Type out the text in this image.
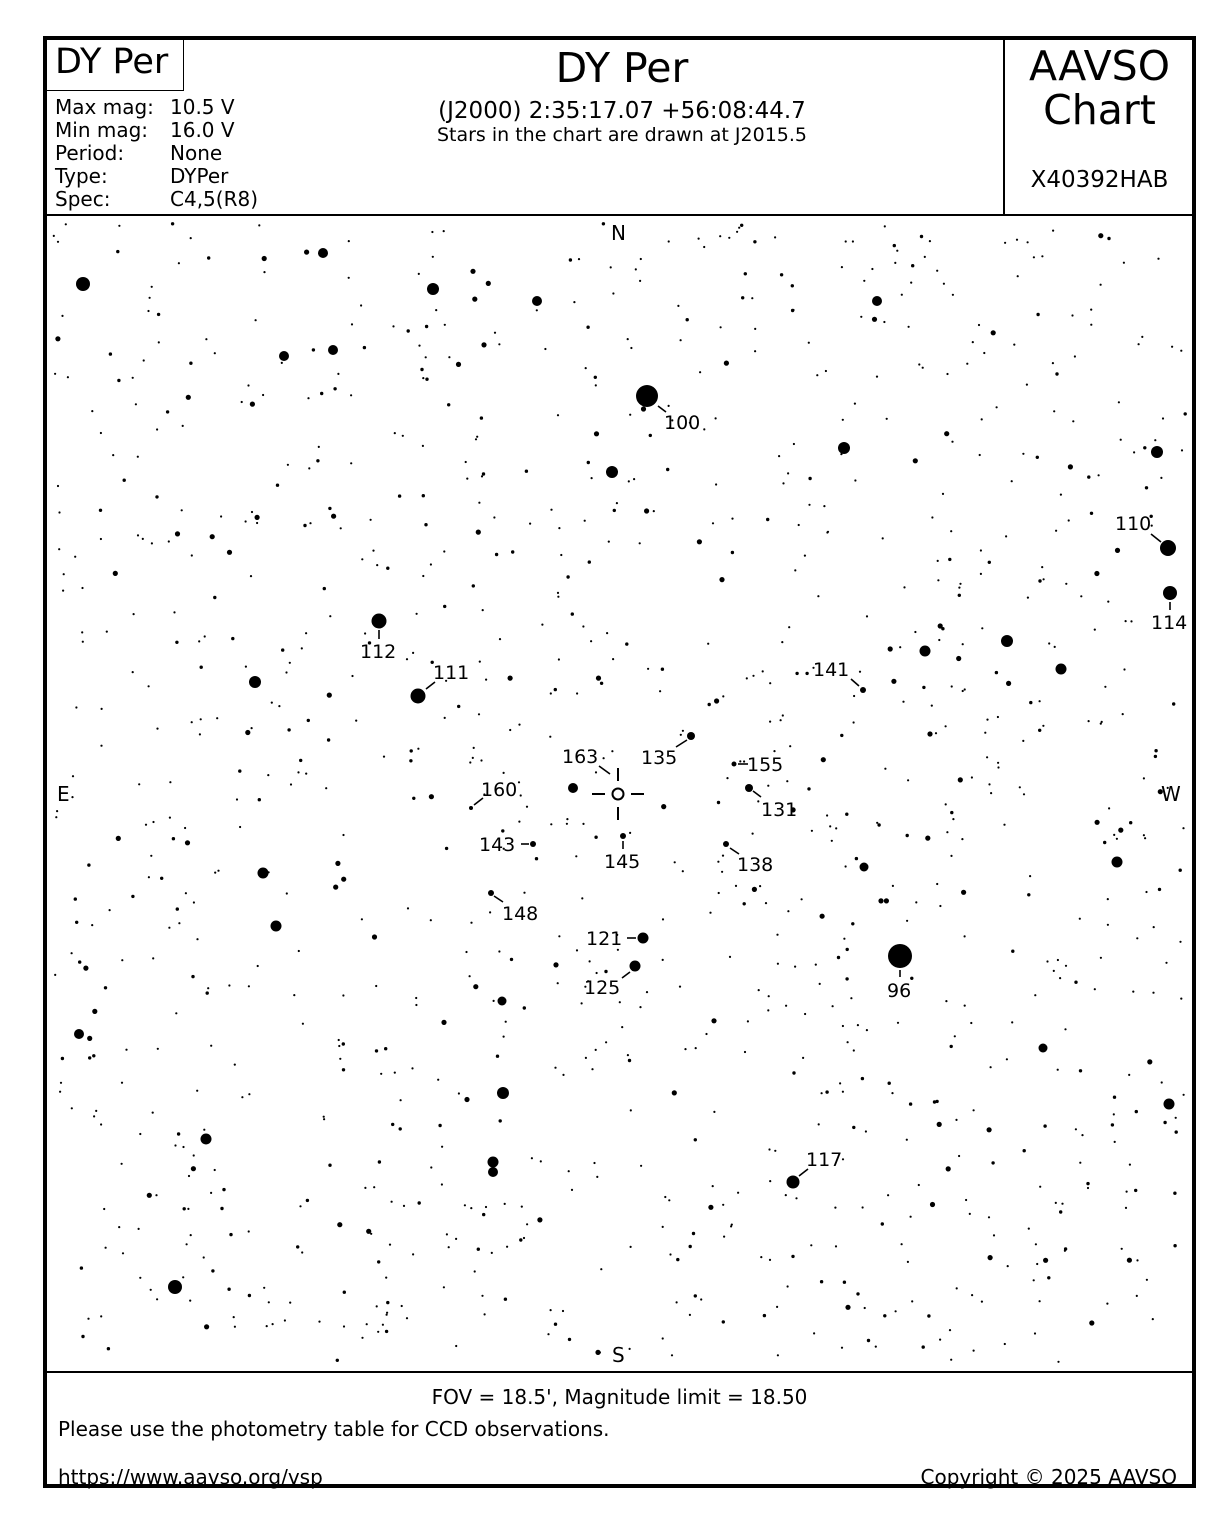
DY Per
Max mag: 10.5 V
Min mag: 16.0 V
Period: None
Type:	DYPer
Spec:	C4,5(R8)
DY Per
(J2000) 2:35:17.07 +56:08:44.7
Stars in the chart are drawn at J2015.5
AAVSO
Chart
X40392HAB
100
110
114
112
111	141
163 135	155
160
131
143
145	138
148
121
125	96
117
N
S
E	W
FOV = 18.5', Magnitude limit = 18.50
Please use the photometry table for CCD observations.
https://www.aavso.org/vsp	Copyright © 2025 AAVSO
